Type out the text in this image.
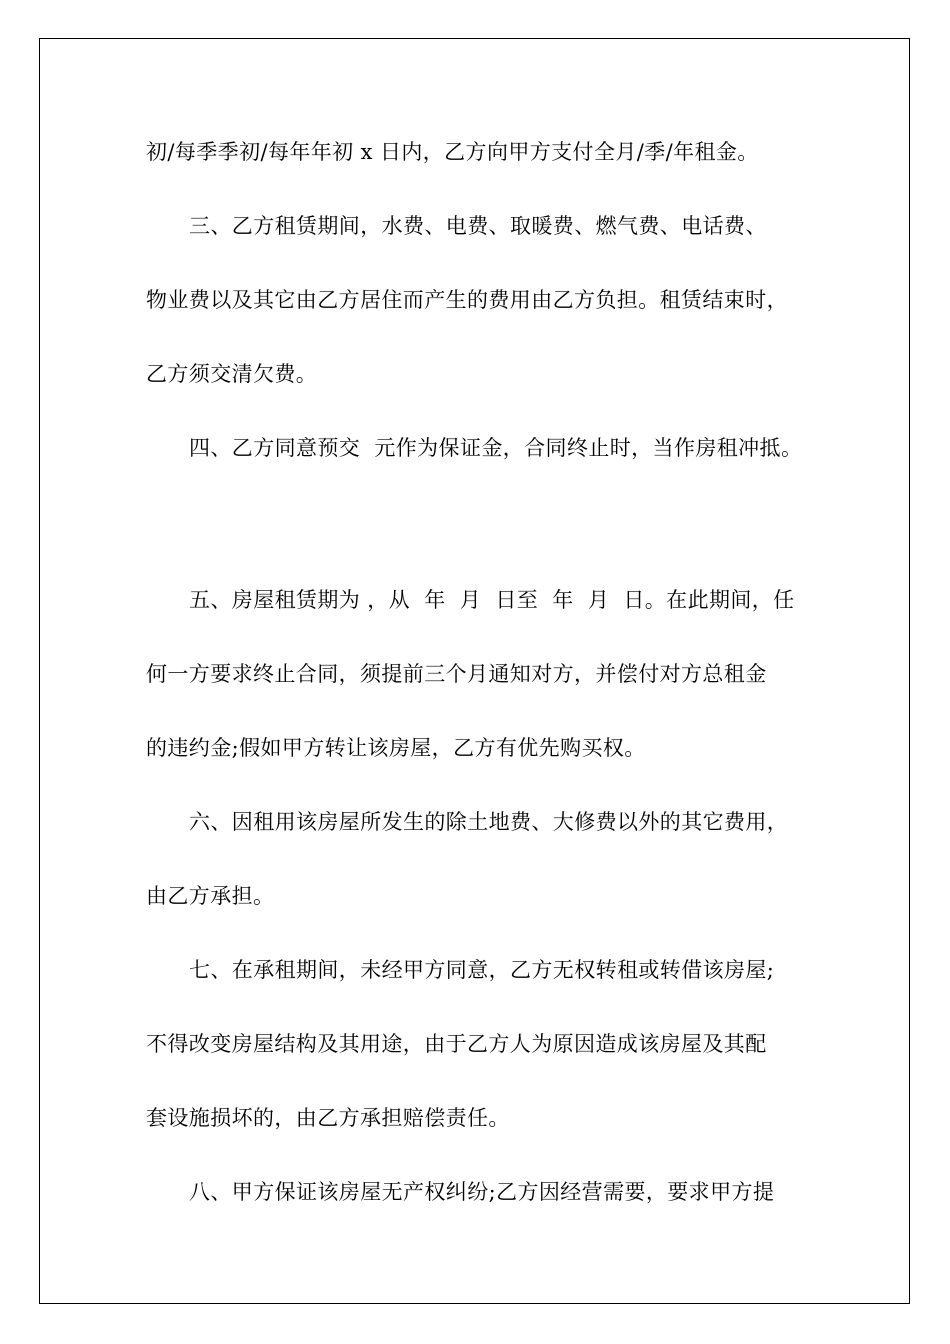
初/每季季初/每年年初 x 日内，乙方向甲方支付全月/季/年租金。
三、乙方租赁期间，水费、电费、取暖费、燃气费、电话费、
物业费以及其它由乙方居住而产生的费用由乙方负担。租赁结束时，
乙方须交清欠费。
四、乙方同意预交  元作为保证金，合同终止时，当作房租冲抵。
五、房屋租赁期为 ，从  年  月  日至  年  月  日。在此期间，任
何一方要求终止合同，须提前三个月通知对方，并偿付对方总租金
的违约金;假如甲方转让该房屋，乙方有优先购买权。
六、因租用该房屋所发生的除土地费、大修费以外的其它费用，
由乙方承担。
七、在承租期间，未经甲方同意，乙方无权转租或转借该房屋;
不得改变房屋结构及其用途，由于乙方人为原因造成该房屋及其配
套设施损坏的，由乙方承担赔偿责任。
八、甲方保证该房屋无产权纠纷;乙方因经营需要，要求甲方提
